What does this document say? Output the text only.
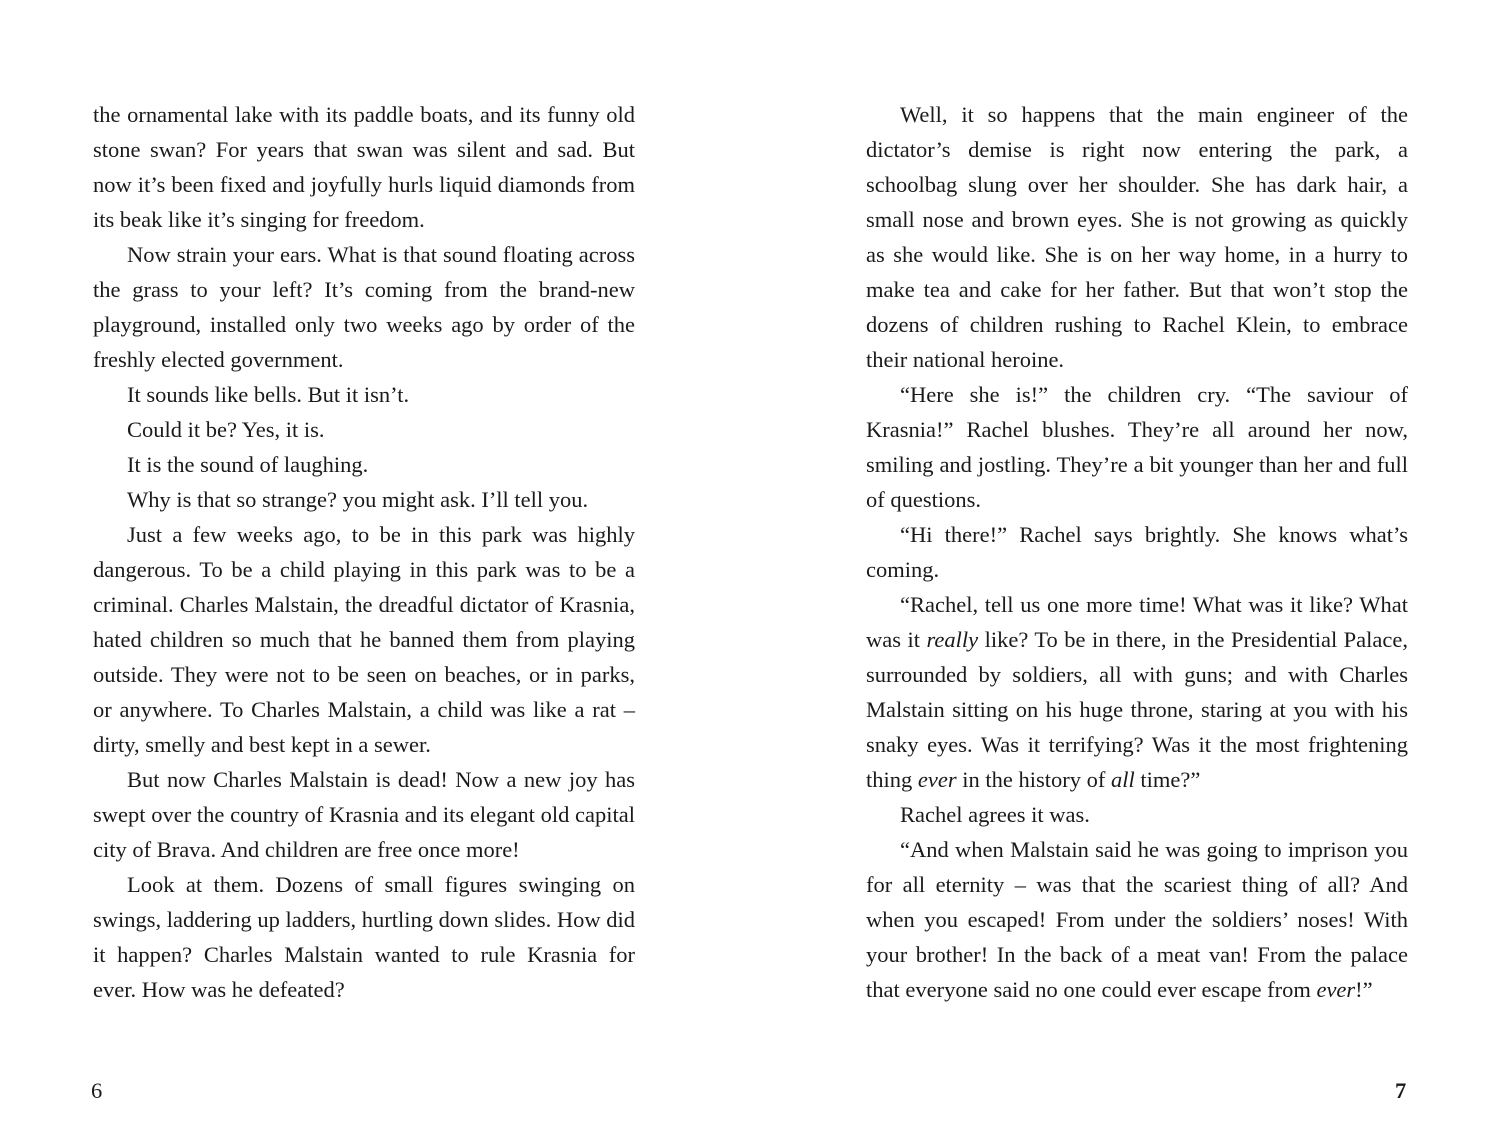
the ornamental lake with its paddle boats, and its funny old stone swan? For years that swan was silent and sad. But now it’s been fixed and joyfully hurls liquid diamonds from its beak like it’s singing for freedom.

Now strain your ears. What is that sound floating across the grass to your left? It’s coming from the brand-new playground, installed only two weeks ago by order of the freshly elected government.

It sounds like bells. But it isn’t.

Could it be? Yes, it is.

It is the sound of laughing.

Why is that so strange? you might ask. I’ll tell you.

Just a few weeks ago, to be in this park was highly dangerous. To be a child playing in this park was to be a criminal. Charles Malstain, the dreadful dictator of Krasnia, hated children so much that he banned them from playing outside. They were not to be seen on beaches, or in parks, or anywhere. To Charles Malstain, a child was like a rat – dirty, smelly and best kept in a sewer.

But now Charles Malstain is dead! Now a new joy has swept over the country of Krasnia and its elegant old capital city of Brava. And children are free once more!

Look at them. Dozens of small figures swinging on swings, laddering up ladders, hurtling down slides. How did it happen? Charles Malstain wanted to rule Krasnia for ever. How was he defeated?

6

Well, it so happens that the main engineer of the dictator’s demise is right now entering the park, a schoolbag slung over her shoulder. She has dark hair, a small nose and brown eyes. She is not growing as quickly as she would like. She is on her way home, in a hurry to make tea and cake for her father. But that won’t stop the dozens of children rushing to Rachel Klein, to embrace their national heroine.

“Here she is!” the children cry. “The saviour of Krasnia!” Rachel blushes. They’re all around her now, smiling and jostling. They’re a bit younger than her and full of questions.

“Hi there!” Rachel says brightly. She knows what’s coming.

“Rachel, tell us one more time! What was it like? What was it really like? To be in there, in the Presidential Palace, surrounded by soldiers, all with guns; and with Charles Malstain sitting on his huge throne, staring at you with his snaky eyes. Was it terrifying? Was it the most frightening thing ever in the history of all time?”

Rachel agrees it was.

“And when Malstain said he was going to imprison you for all eternity – was that the scariest thing of all? And when you escaped! From under the soldiers’ noses! With your brother! In the back of a meat van! From the palace that everyone said no one could ever escape from ever!”

7
